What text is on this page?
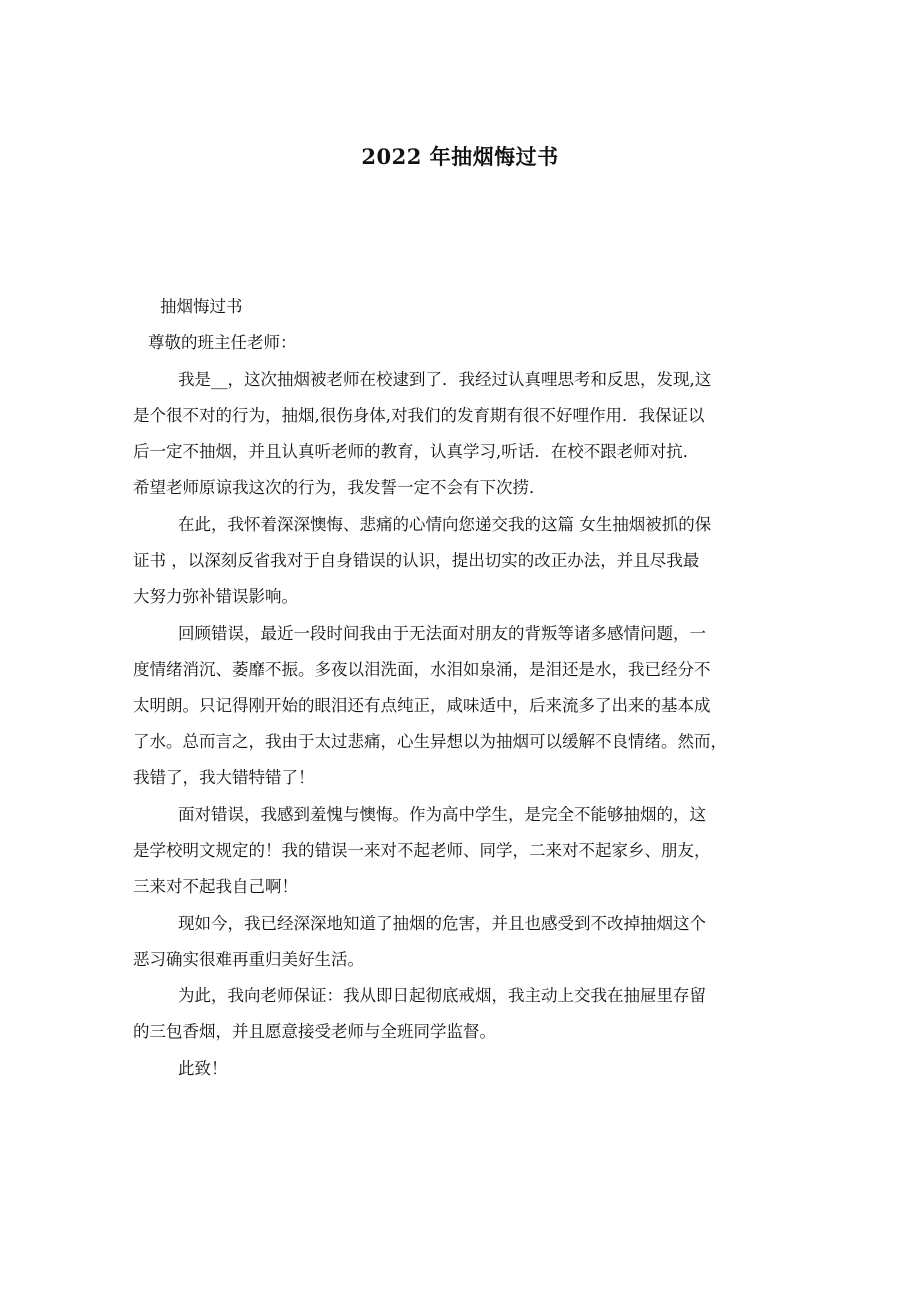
2022 年抽烟悔过书

抽烟悔过书

尊敬的班主任老师：

我是__，这次抽烟被老师在校逮到了．我经过认真哩思考和反思，发现,这

是个很不对的行为，抽烟,很伤身体,对我们的发育期有很不好哩作用．我保证以

后一定不抽烟，并且认真听老师的教育，认真学习,听话．在校不跟老师对抗．

希望老师原谅我这次的行为，我发誓一定不会有下次捞．

在此，我怀着深深懊悔、悲痛的心情向您递交我的这篇 女生抽烟被抓的保

证书 ，以深刻反省我对于自身错误的认识，提出切实的改正办法，并且尽我最

大努力弥补错误影响。

回顾错误，最近一段时间我由于无法面对朋友的背叛等诸多感情问题，一

度情绪消沉、萎靡不振。多夜以泪洗面，水泪如泉涌，是泪还是水，我已经分不

太明朗。只记得刚开始的眼泪还有点纯正，咸味适中，后来流多了出来的基本成

了水。总而言之，我由于太过悲痛，心生异想以为抽烟可以缓解不良情绪。然而，

我错了，我大错特错了！

面对错误，我感到羞愧与懊悔。作为高中学生，是完全不能够抽烟的，这

是学校明文规定的！我的错误一来对不起老师、同学，二来对不起家乡、朋友，

三来对不起我自己啊！

现如今，我已经深深地知道了抽烟的危害，并且也感受到不改掉抽烟这个

恶习确实很难再重归美好生活。

为此，我向老师保证：我从即日起彻底戒烟，我主动上交我在抽屉里存留

的三包香烟，并且愿意接受老师与全班同学监督。

此致！
